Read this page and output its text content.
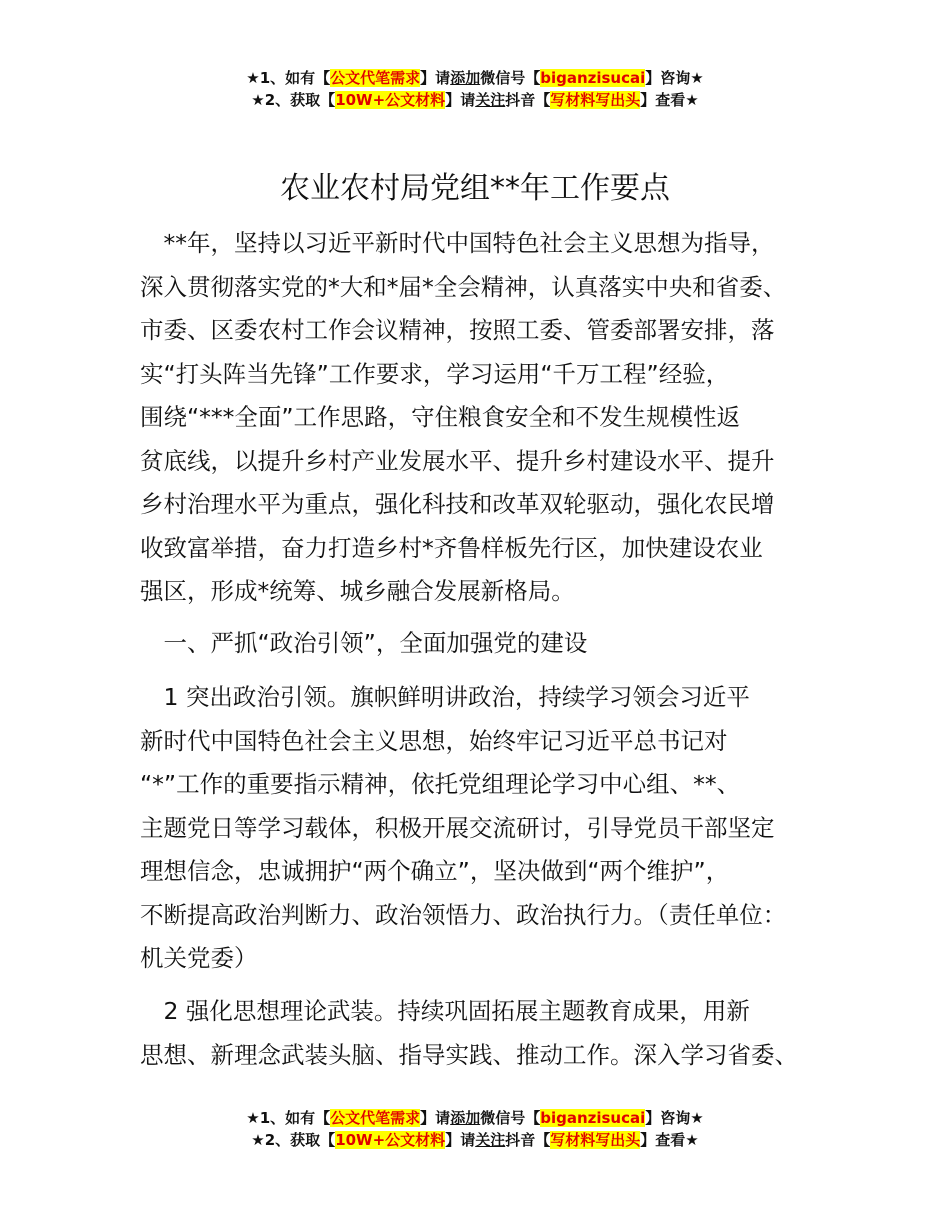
★1、如有【公文代笔需求】请添加微信号【biganzisucai】咨询★
★2、获取【10W+公文材料】请关注抖音【写材料写出头】查看★
农业农村局党组**年工作要点
　**年，坚持以习近平新时代中国特色社会主义思想为指导，
深入贯彻落实党的*大和*届*全会精神，认真落实中央和省委、
市委、区委农村工作会议精神，按照工委、管委部署安排，落
实“打头阵当先锋”工作要求，学习运用“千万工程”经验，
围绕“***全面”工作思路，守住粮食安全和不发生规模性返
贫底线，以提升乡村产业发展水平、提升乡村建设水平、提升
乡村治理水平为重点，强化科技和改革双轮驱动，强化农民增
收致富举措，奋力打造乡村*齐鲁样板先行区，加快建设农业
强区，形成*统筹、城乡融合发展新格局。
　一、严抓“政治引领”，全面加强党的建设
　1 突出政治引领。旗帜鲜明讲政治，持续学习领会习近平
新时代中国特色社会主义思想，始终牢记习近平总书记对
“*”工作的重要指示精神，依托党组理论学习中心组、**、
主题党日等学习载体，积极开展交流研讨，引导党员干部坚定
理想信念，忠诚拥护“两个确立”，坚决做到“两个维护”，
不断提高政治判断力、政治领悟力、政治执行力。（责任单位：
机关党委）
　2 强化思想理论武装。持续巩固拓展主题教育成果，用新
思想、新理念武装头脑、指导实践、推动工作。深入学习省委、
★1、如有【公文代笔需求】请添加微信号【biganzisucai】咨询★
★2、获取【10W+公文材料】请关注抖音【写材料写出头】查看★
